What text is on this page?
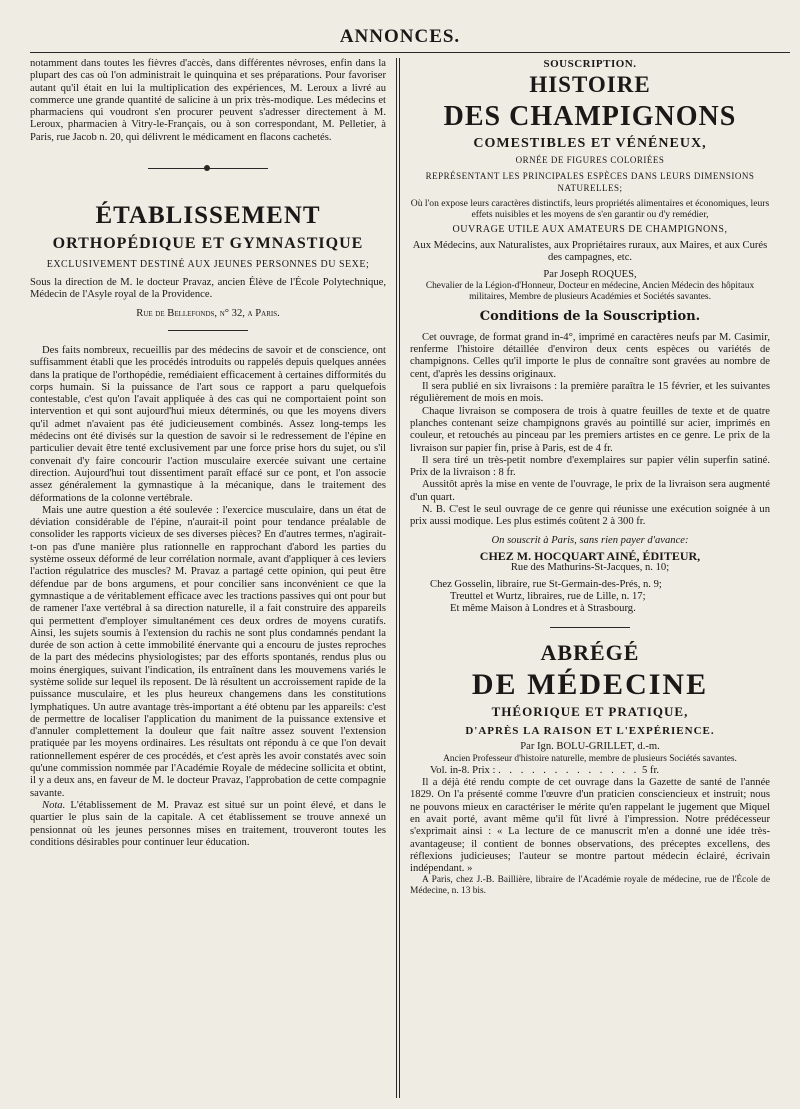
ANNONCES.

notamment dans toutes les fièvres d'accès, dans différentes névroses, enfin dans la plupart des cas où l'on administrait le quinquina et ses préparations. Pour favoriser autant qu'il était en lui la multiplication des expériences, M. Leroux a livré au commerce une grande quantité de salicine à un prix très-modique. Les médecins et pharmaciens qui voudront s'en procurer peuvent s'adresser directement à M. Leroux, pharmacien à Vitry-le-Français, ou à son correspondant, M. Pelletier, à Paris, rue Jacob n. 20, qui délivrent le médicament en flacons cachetés.

ÉTABLISSEMENT
ORTHOPÉDIQUE ET GYMNASTIQUE
EXCLUSIVEMENT DESTINÉ AUX JEUNES PERSONNES DU SEXE;

Sous la direction de M. le docteur Pravaz, ancien Élève de l'École Polytechnique, Médecin de l'Asyle royal de la Providence.

Rue de Bellefonds, n° 32, a Paris.

Des faits nombreux, recueillis par des médecins de savoir et de conscience, ont suffisamment établi que les procédés introduits ou rappelés depuis quelques années dans la pratique de l'orthopédie, remédiaient efficacement à certaines difformités du corps humain. Si la puissance de l'art sous ce rapport a paru quelquefois contestable, c'est qu'on l'avait appliquée à des cas qui ne comportaient point son intervention et qui sont aujourd'hui mieux déterminés, ou que les moyens divers qu'il admet n'avaient pas été judicieusement combinés. Assez long-temps les médecins ont été divisés sur la question de savoir si le redressement de l'épine en particulier devait être tenté exclusivement par une force prise hors du sujet, ou s'il convenait d'y faire concourir l'action musculaire exercée suivant une certaine direction. Aujourd'hui tout dissentiment paraît effacé sur ce pont, et l'on associe assez généralement la gymnastique à la mécanique, dans le traitement des déformations de la colonne vertébrale.

Mais une autre question a été soulevée : l'exercice musculaire, dans un état de déviation considérable de l'épine, n'aurait-il point pour tendance préalable de consolider les rapports vicieux de ses diverses pièces? En d'autres termes, n'agirait-t-on pas d'une manière plus rationnelle en rapprochant d'abord les parties du système osseux déformé de leur corrélation normale, avant d'appliquer à ces leviers l'action régulatrice des muscles? M. Pravaz a partagé cette opinion, qui peut être défendue par de bons argumens, et pour concilier sans inconvénient ce que la gymnastique a de véritablement efficace avec les tractions passives qui ont pour but de ramener l'axe vertébral à sa direction naturelle, il a fait construire des appareils qui permettent d'employer simultanément ces deux ordres de moyens curatifs. Ainsi, les sujets soumis à l'extension du rachis ne sont plus condamnés pendant la durée de son action à cette immobilité énervante qui a encouru de justes reproches de la part des médecins physiologistes; par des efforts spontanés, rendus plus ou moins énergiques, suivant l'indication, ils entraînent dans les mouvemens variés le système solide sur lequel ils reposent. De là résultent un accroissement rapide de la puissance musculaire, et les plus heureux changemens dans les constitutions lymphatiques. Un autre avantage très-important a été obtenu par les appareils: c'est de permettre de localiser l'application du maniment de la puissance extensive et d'annuler complettement la douleur que fait naître assez souvent l'extension pratiquée par les moyens ordinaires. Les résultats ont répondu à ce que l'on devait rationnellement espérer de ces procédés, et c'est après les avoir constatés avec soin qu'une commission nommée par l'Académie Royale de médecine sollicita et obtint, il y a deux ans, en faveur de M. le docteur Pravaz, l'approbation de cette compagnie savante.

Nota. L'établissement de M. Pravaz est situé sur un point élevé, et dans le quartier le plus sain de la capitale. A cet établissement se trouve annexé un pensionnat où les jeunes personnes mises en traitement, trouveront toutes les conditions désirables pour continuer leur éducation.

SOUSCRIPTION.
HISTOIRE
DES CHAMPIGNONS
COMESTIBLES ET VÉNÉNEUX,
ORNÉE DE FIGURES COLORIÉES
REPRÉSENTANT LES PRINCIPALES ESPÈCES DANS LEURS DIMENSIONS NATURELLES;

Où l'on expose leurs caractères distinctifs, leurs propriétés alimentaires et économiques, leurs effets nuisibles et les moyens de s'en garantir ou d'y remédier,

OUVRAGE UTILE AUX AMATEURS DE CHAMPIGNONS,

Aux Médecins, aux Naturalistes, aux Propriétaires ruraux, aux Maires, et aux Curés des campagnes, etc.

Par Joseph ROQUES,

Chevalier de la Légion-d'Honneur, Docteur en médecine, Ancien Médecin des hôpitaux militaires, Membre de plusieurs Académies et Sociétés savantes.

Conditions de la Souscription.

Cet ouvrage, de format grand in-4°, imprimé en caractères neufs par M. Casimir, renferme l'histoire détaillée d'environ deux cents espèces ou variétés de champignons. Celles qu'il importe le plus de connaître sont gravées au nombre de cent, d'après les dessins originaux.

Il sera publié en six livraisons : la première paraîtra le 15 février, et les suivantes régulièrement de mois en mois.

Chaque livraison se composera de trois à quatre feuilles de texte et de quatre planches contenant seize champignons gravés au pointillé sur acier, imprimés en couleur, et retouchés au pinceau par les premiers artistes en ce genre. Le prix de la livraison sur papier fin, prise à Paris, est de 4 fr.

Il sera tiré un très-petit nombre d'exemplaires sur papier vélin superfin satiné. Prix de la livraison : 8 fr.

Aussitôt après la mise en vente de l'ouvrage, le prix de la livraison sera augmenté d'un quart.

N. B. C'est le seul ouvrage de ce genre qui réunisse une exécution soignée à un prix aussi modique. Les plus estimés coûtent 2 à 300 fr.

On souscrit à Paris, sans rien payer d'avance:

CHEZ M. HOCQUART AINÉ, ÉDITEUR,

Rue des Mathurins-St-Jacques, n. 10;

Chez Gosselin, libraire, rue St-Germain-des-Prés, n. 9;

Treuttel et Wurtz, libraires, rue de Lille, n. 17;

Et même Maison à Londres et à Strasbourg.

ABRÉGÉ
DE MÉDECINE
THÉORIQUE ET PRATIQUE,
D'APRÈS LA RAISON ET L'EXPÉRIENCE.

Par Ign. BOLU-GRILLET, d.-m.

Ancien Professeur d'histoire naturelle, membre de plusieurs Sociétés savantes.

Vol. in-8. Prix : . . . . . . . . . . . . . 5 fr.

Il a déjà été rendu compte de cet ouvrage dans la Gazette de santé de l'année 1829. On l'a présenté comme l'œuvre d'un praticien consciencieux et instruit; nous ne pouvons mieux en caractériser le mérite qu'en rappelant le jugement que Miquel en avait porté, avant même qu'il fût livré à l'impression. Notre prédécesseur s'exprimait ainsi : « La lecture de ce manuscrit m'en a donné une idée très-avantageuse; il contient de bonnes observations, des préceptes excellens, des réflexions judicieuses; l'auteur se montre partout médecin éclairé, écrivain indépendant. »

A Paris, chez J.-B. Baillière, libraire de l'Académie royale de médecine, rue de l'École de Médecine, n. 13 bis.
